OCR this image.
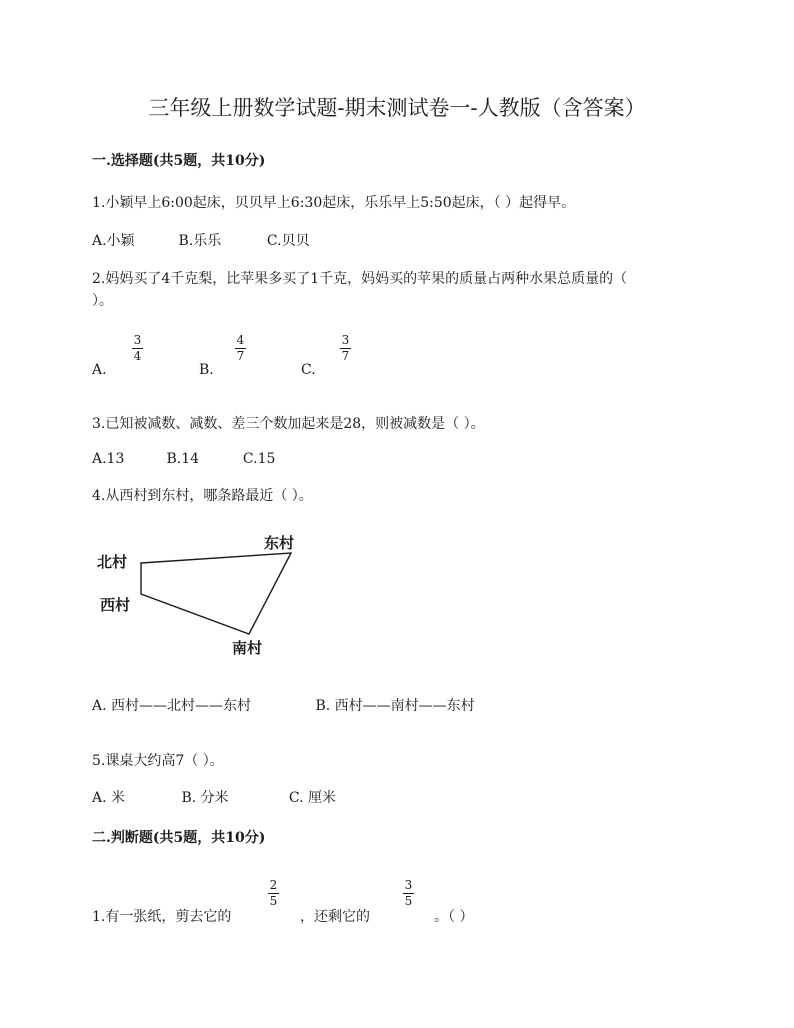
三年级上册数学试题-期末测试卷一-人教版（含答案）
一.选择题(共5题，共10分)
1.小颖早上6:00起床，贝贝早上6:30起床，乐乐早上5:50起床，（ ）起得早。
A.小颖	B.乐乐	C.贝贝
2.妈妈买了4千克梨，比苹果多买了1千克，妈妈买的苹果的质量占两种水果总质量的（
）。
A.
3
4
B.
4
7
C.
3
7
3.已知被减数、减数、差三个数加起来是28，则被减数是（ ）。
A.13	B.14	C.15
4.从西村到东村，哪条路最近（ ）。
北村
东村
西村
南村
A. 西村——北村——东村	B. 西村——南村——东村
5.课桌大约高7（ ）。
A. 米	B. 分米	C. 厘米
二.判断题(共5题，共10分)
1.有一张纸，剪去它的
2
5
，还剩它的
3
5
。（ ）
